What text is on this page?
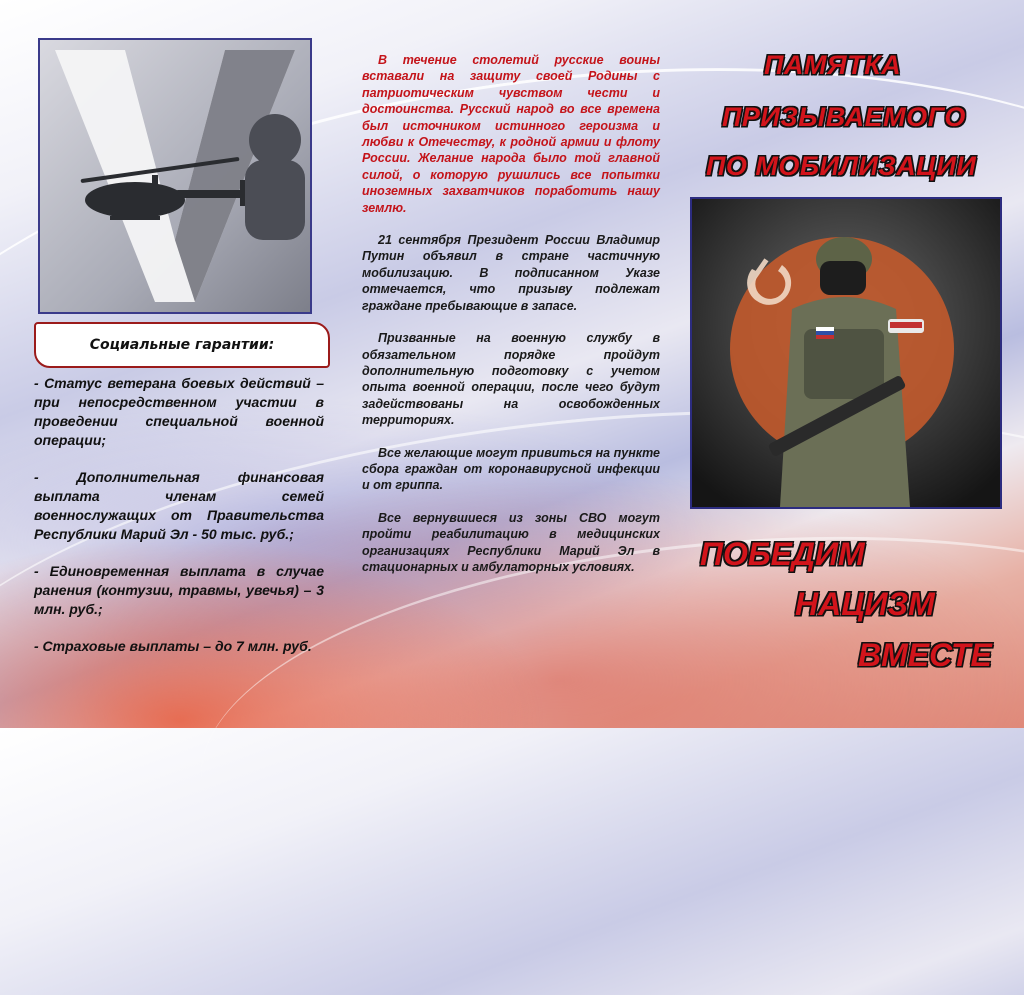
Социальные гарантии:

- Статус ветерана боевых действий – при непосредственном участии в проведении специальной военной операции;

- Дополнительная финансовая выплата членам семей военнослужащих от Правительства Республики Марий Эл - 50 тыс. руб.;

- Единовременная выплата в случае ранения (контузии, травмы, увечья) – 3 млн. руб.;

- Страховые выплаты – до 7 млн. руб.

В течение столетий русские воины вставали на защиту своей Родины с патриотическим чувством чести и достоинства. Русский народ во все времена был источником истинного героизма и любви к Отечеству, к родной армии и флоту России. Желание народа было той главной силой, о которую рушились все попытки иноземных захватчиков поработить нашу землю.

21 сентября Президент России Владимир Путин объявил в стране частичную мобилизацию. В подписанном Указе отмечается, что призыву подлежат граждане пребывающие в запасе.

Призванные на военную службу в обязательном порядке пройдут дополнительную подготовку с учетом опыта военной операции, после чего будут задействованы на освобожденных территориях.

Все желающие могут привиться на пункте сбора граждан от коронавирусной инфекции и от гриппа.

Все вернувшиеся из зоны СВО могут пройти реабилитацию в медицинских организациях Республики Марий Эл в стационарных и амбулаторных условиях.

ПАМЯТКА
ПРИЗЫВАЕМОГО
ПО МОБИЛИЗАЦИИ
ПОБЕДИМ
НАЦИЗМ
ВМЕСТЕ
